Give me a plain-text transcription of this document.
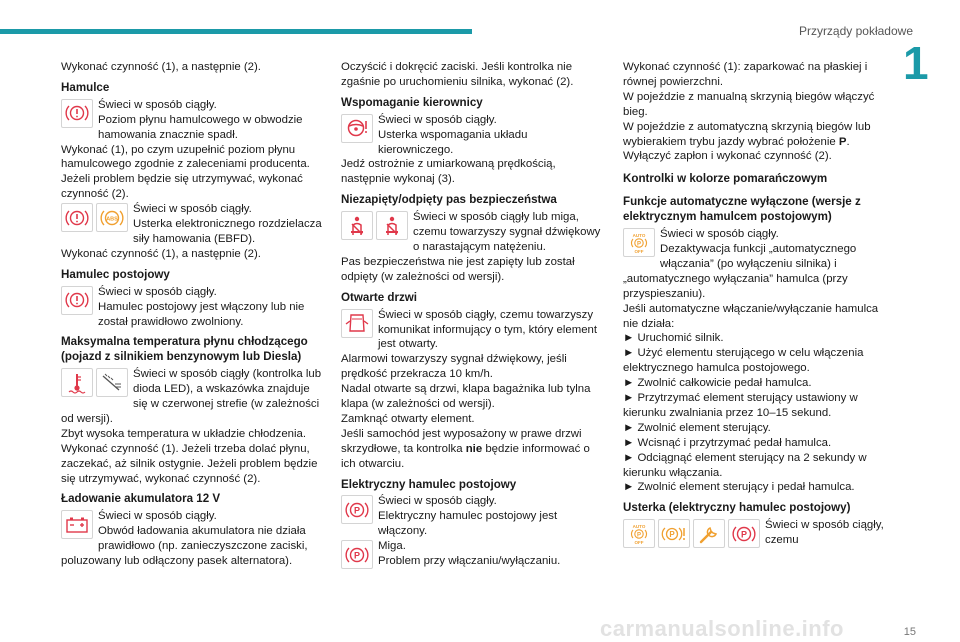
Przyrządy pokładowe
1

Wykonać czynność (1), a następnie (2).

Hamulce

Świeci w sposób ciągły.

Poziom płynu hamulcowego w obwodzie hamowania znacznie spadł.

Wykonać (1), po czym uzupełnić poziom płynu hamulcowego zgodnie z zaleceniami producenta.

Jeżeli problem będzie się utrzymywać, wykonać czynność (2).

ABS

Świeci w sposób ciągły.

Usterka elektronicznego rozdzielacza siły hamowania (EBFD).

Wykonać czynność (1), a następnie (2).

Hamulec postojowy

Świeci w sposób ciągły.

Hamulec postojowy jest włączony lub nie został prawidłowo zwolniony.

Maksymalna temperatura płynu chłodzącego (pojazd z silnikiem benzynowym lub Diesla)

Świeci w sposób ciągły (kontrolka lub dioda LED), a wskazówka znajduje się w czerwonej strefie (w zależności od wersji).

Zbyt wysoka temperatura w układzie chłodzenia.

Wykonać czynność (1). Jeżeli trzeba dolać płynu, zaczekać, aż silnik ostygnie. Jeżeli problem będzie się utrzymywać, wykonać czynność (2).

Ładowanie akumulatora 12 V

Świeci w sposób ciągły.

Obwód ładowania akumulatora nie działa prawidłowo (np. zanieczyszczone zaciski, poluzowany lub odłączony pasek alternatora).

Oczyścić i dokręcić zaciski. Jeśli kontrolka nie zgaśnie po uruchomieniu silnika, wykonać (2).

Wspomaganie kierownicy

Świeci w sposób ciągły.

Usterka wspomagania układu kierowniczego.

Jedź ostrożnie z umiarkowaną prędkością, następnie wykonaj (3).

Niezapięty/odpięty pas bezpieczeństwa

Świeci w sposób ciągły lub miga, czemu towarzyszy sygnał dźwiękowy o narastającym natężeniu.

Pas bezpieczeństwa nie jest zapięty lub został odpięty (w zależności od wersji).

Otwarte drzwi

Świeci w sposób ciągły, czemu towarzyszy komunikat informujący o tym, który element jest otwarty.

Alarmowi towarzyszy sygnał dźwiękowy, jeśli prędkość przekracza 10 km/h.

Nadal otwarte są drzwi, klapa bagażnika lub tylna klapa (w zależności od wersji).

Zamknąć otwarty element.

Jeśli samochód jest wyposażony w prawe drzwi skrzydłowe, ta kontrolka nie będzie informować o ich otwarciu.

Elektryczny hamulec postojowy
P

Świeci w sposób ciągły.

Elektryczny hamulec postojowy jest włączony.

P

Miga.

Problem przy włączaniu/wyłączaniu.

Wykonać czynność (1): zaparkować na płaskiej i równej powierzchni.

W pojeździe z manualną skrzynią biegów włączyć bieg.

W pojeździe z automatyczną skrzynią biegów lub wybierakiem trybu jazdy wybrać położenie P.

Wyłączyć zapłon i wykonać czynność (2).

Kontrolki w kolorze pomarańczowym
Funkcje automatyczne wyłączone (wersje z elektrycznym hamulcem postojowym)
AUTO
P
OFF

Świeci w sposób ciągły.

Dezaktywacja funkcji „automatycznego włączania” (po wyłączeniu silnika) i „automatycznego wyłączania” hamulca (przy przyspieszaniu).

Jeśli automatyczne włączanie/wyłączanie hamulca nie działa:

► Uruchomić silnik.

► Użyć elementu sterującego w celu włączenia elektrycznego hamulca postojowego.

► Zwolnić całkowicie pedał hamulca.

► Przytrzymać element sterujący ustawiony w kierunku zwalniania przez 10–15 sekund.

► Zwolnić element sterujący.

► Wcisnąć i przytrzymać pedał hamulca.

► Odciągnąć element sterujący na 2 sekundy w kierunku włączania.

► Zwolnić element sterujący i pedał hamulca.

Usterka (elektryczny hamulec postojowy)
AUTO
P
OFF
P	P

Świeci w sposób ciągły, czemu

carmanualsonline.info	15
